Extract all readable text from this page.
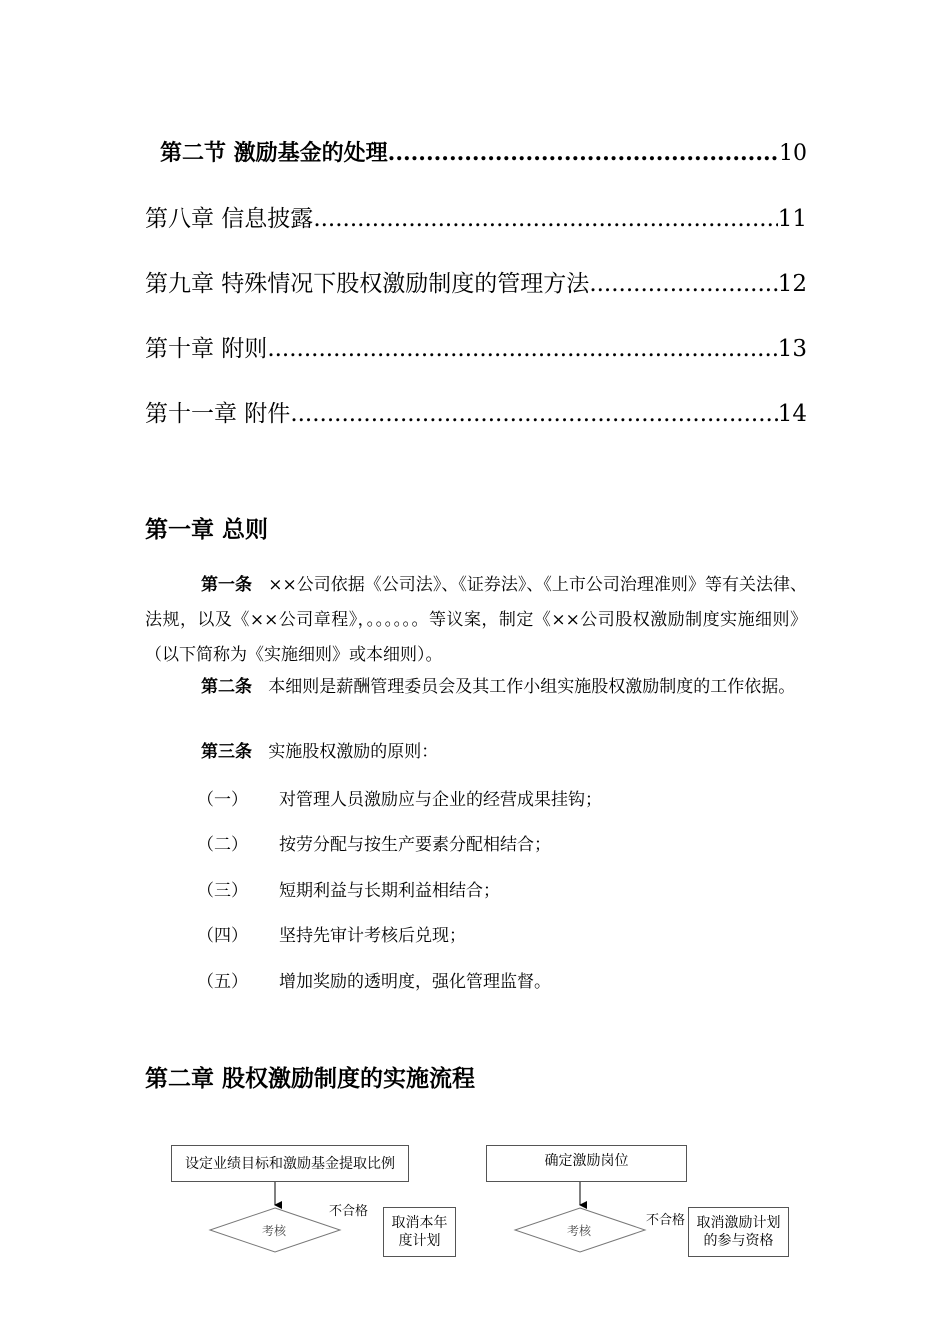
第二节 激励基金的处理 .....	10
第八章 信息披露 .....	11
第九章 特殊情况下股权激励制度的管理方法 .....	12
第十章 附则 .....	13
第十一章 附件 .....	14
第一章 总则
第一条 ××公司依据《公司法》、《证券法》、《上市公司治理准则》等有关法律、法规，以及《××公司章程》，。。。。。。等议案，制定《××公司股权激励制度实施细则》（以下简称为《实施细则》或本细则）。
第二条 本细则是薪酬管理委员会及其工作小组实施股权激励制度的工作依据。
第三条 实施股权激励的原则：
（一） 对管理人员激励应与企业的经营成果挂钩；
（二） 按劳分配与按生产要素分配相结合；
（三） 短期利益与长期利益相结合；
（四） 坚持先审计考核后兑现；
（五） 增加奖励的透明度，强化管理监督。
第二章 股权激励制度的实施流程
设定业绩目标和激励基金提取比例
考核
不合格
取消本年度计划
确定激励岗位
考核
不合格 取消激励计划的参与资格
